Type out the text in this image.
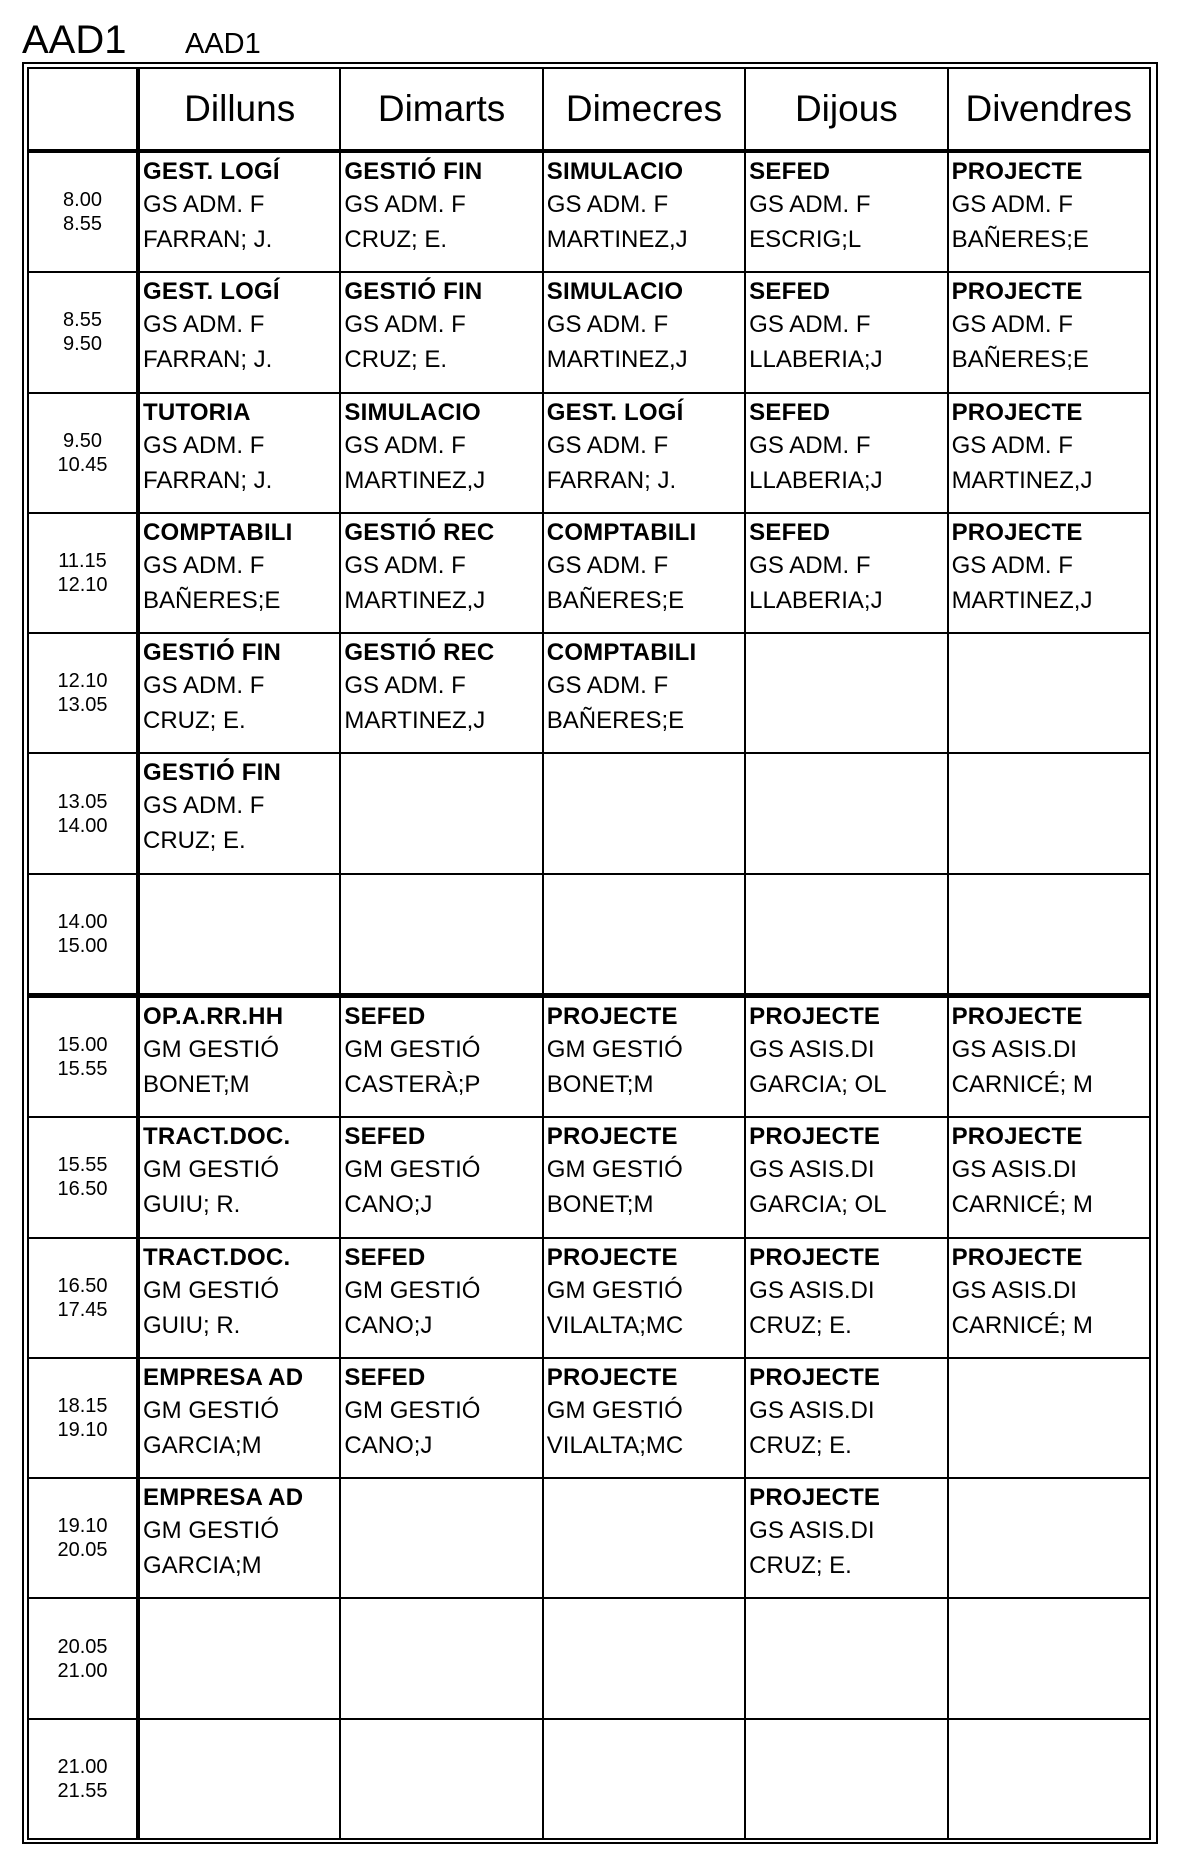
AAD1 AAD1
	Dilluns	Dimarts	Dimecres	Dijous	Divendres

8.00
8.55	GEST. LOGÍ
GS ADM. F
FARRAN; J.	GESTIÓ FIN
GS ADM. F
CRUZ; E.	SIMULACIO
GS ADM. F
MARTINEZ,J	SEFED
GS ADM. F
ESCRIG;L	PROJECTE
GS ADM. F
BAÑERES;E

8.55
9.50	GEST. LOGÍ
GS ADM. F
FARRAN; J.	GESTIÓ FIN
GS ADM. F
CRUZ; E.	SIMULACIO
GS ADM. F
MARTINEZ,J	SEFED
GS ADM. F
LLABERIA;J	PROJECTE
GS ADM. F
BAÑERES;E

9.50
10.45	TUTORIA
GS ADM. F
FARRAN; J.	SIMULACIO
GS ADM. F
MARTINEZ,J	GEST. LOGÍ
GS ADM. F
FARRAN; J.	SEFED
GS ADM. F
LLABERIA;J	PROJECTE
GS ADM. F
MARTINEZ,J

11.15
12.10	COMPTABILI
GS ADM. F
BAÑERES;E	GESTIÓ REC
GS ADM. F
MARTINEZ,J	COMPTABILI
GS ADM. F
BAÑERES;E	SEFED
GS ADM. F
LLABERIA;J	PROJECTE
GS ADM. F
MARTINEZ,J

12.10
13.05	GESTIÓ FIN
GS ADM. F
CRUZ; E.	GESTIÓ REC
GS ADM. F
MARTINEZ,J	COMPTABILI
GS ADM. F
BAÑERES;E		

13.05
14.00	GESTIÓ FIN
GS ADM. F
CRUZ; E.				

14.00
15.00					

15.00
15.55	OP.A.RR.HH
GM GESTIÓ
BONET;M	SEFED
GM GESTIÓ
CASTERÀ;P	PROJECTE
GM GESTIÓ
BONET;M	PROJECTE
GS ASIS.DI
GARCIA; OL	PROJECTE
GS ASIS.DI
CARNICÉ; M

15.55
16.50	TRACT.DOC.
GM GESTIÓ
GUIU; R.	SEFED
GM GESTIÓ
CANO;J	PROJECTE
GM GESTIÓ
BONET;M	PROJECTE
GS ASIS.DI
GARCIA; OL	PROJECTE
GS ASIS.DI
CARNICÉ; M

16.50
17.45	TRACT.DOC.
GM GESTIÓ
GUIU; R.	SEFED
GM GESTIÓ
CANO;J	PROJECTE
GM GESTIÓ
VILALTA;MC	PROJECTE
GS ASIS.DI
CRUZ; E.	PROJECTE
GS ASIS.DI
CARNICÉ; M

18.15
19.10	EMPRESA AD
GM GESTIÓ
GARCIA;M	SEFED
GM GESTIÓ
CANO;J	PROJECTE
GM GESTIÓ
VILALTA;MC	PROJECTE
GS ASIS.DI
CRUZ; E.	

19.10
20.05	EMPRESA AD
GM GESTIÓ
GARCIA;M			PROJECTE
GS ASIS.DI
CRUZ; E.	

20.05
21.00					

21.00
21.55					
